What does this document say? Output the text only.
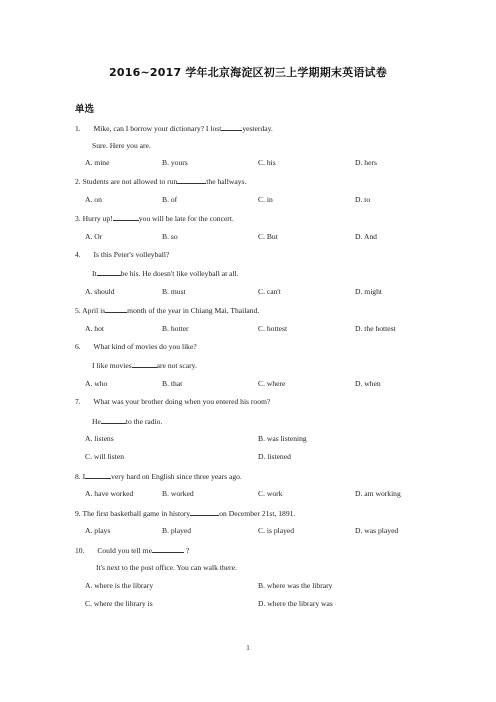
2016~2017 学年北京海淀区初三上学期期末英语试卷
单选
1. Mike, can I borrow your dictionary? I lost	yesterday.
Sure. Here you are.
A. mine	B. yours	C. his	D. hers
2. Students are not allowed to run	the hallways.
A. on	B. of	C. in	D. to
3. Hurry up!	you will be late for the concert.
A. Or	B. so	C. But	D. And
4. Is this Peter's volleyball?
It	be his. He doesn't like volleyball at all.
A. should	B. must	C. can't	D. might
5. April is	month of the year in Chiang Mai, Thailand.
A. hot	B. hotter	C. hottest	D. the hottest
6. What kind of movies do you like?
I like movies	are not scary.
A. who	B. that	C. where	D. when
7. What was your brother doing when you entered his room?
He	to the radio.
A. listens	B. was listening
C. will listen	D. listened
8. I	very hard on English since three years ago.
A. have worked	B. worked	C. work	D. am working
9. The first basketball game in history	on December 21st, 1891.
A. plays	B. played	C. is played	D. was played
10. Could you tell me	?
It's next to the post office. You can walk there.
A. where is the library	B. where was the library
C. where the library is	D. where the library was
1
